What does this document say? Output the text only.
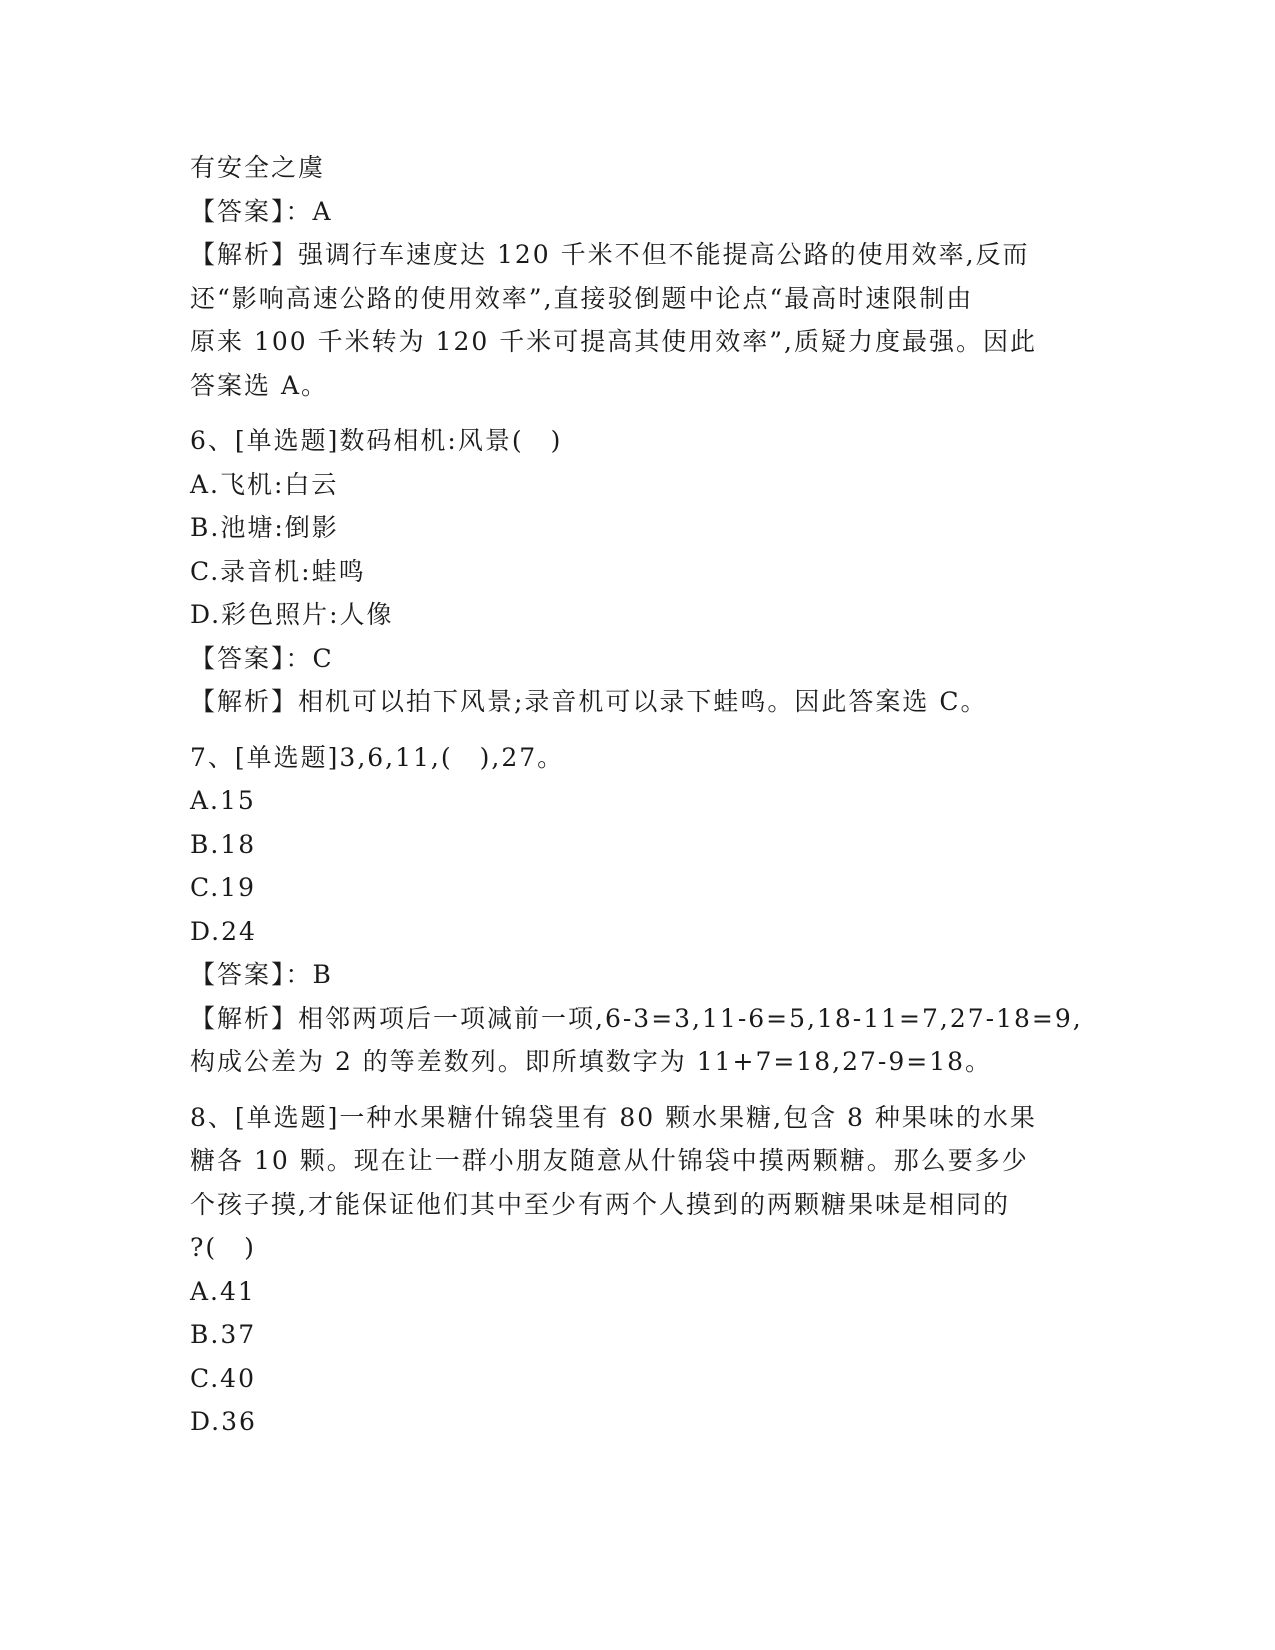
有安全之虞
【答案】：A
【解析】强调行车速度达 120 千米不但不能提高公路的使用效率,反而
还“影响高速公路的使用效率”,直接驳倒题中论点“最高时速限制由
原来 100 千米转为 120 千米可提高其使用效率”,质疑力度最强。因此
答案选 A。
6、[单选题]数码相机:风景(　)
A.飞机:白云
B.池塘:倒影
C.录音机:蛙鸣
D.彩色照片:人像
【答案】：C
【解析】相机可以拍下风景;录音机可以录下蛙鸣。因此答案选 C。
7、[单选题]3,6,11,(　),27。
A.15
B.18
C.19
D.24
【答案】：B
【解析】相邻两项后一项减前一项,6-3=3,11-6=5,18-11=7,27-18=9,
构成公差为 2 的等差数列。即所填数字为 11+7=18,27-9=18。
8、[单选题]一种水果糖什锦袋里有 80 颗水果糖,包含 8 种果味的水果
糖各 10 颗。现在让一群小朋友随意从什锦袋中摸两颗糖。那么要多少
个孩子摸,才能保证他们其中至少有两个人摸到的两颗糖果味是相同的
?(　)
A.41
B.37
C.40
D.36
